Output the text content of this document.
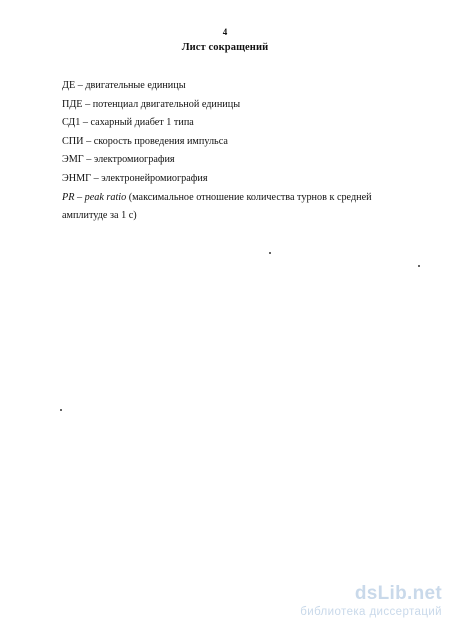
4
Лист сокращений
ДЕ – двигательные единицы
ПДЕ – потенциал двигательной единицы
СД1 – сахарный диабет 1 типа
СПИ – скорость проведения импульса
ЭМГ – электромиография
ЭНМГ – электронейромиография
PR – peak ratio (максимальное отношение количества турнов к средней амплитуде за 1 с)
dsLib.net
библиотека диссертаций
